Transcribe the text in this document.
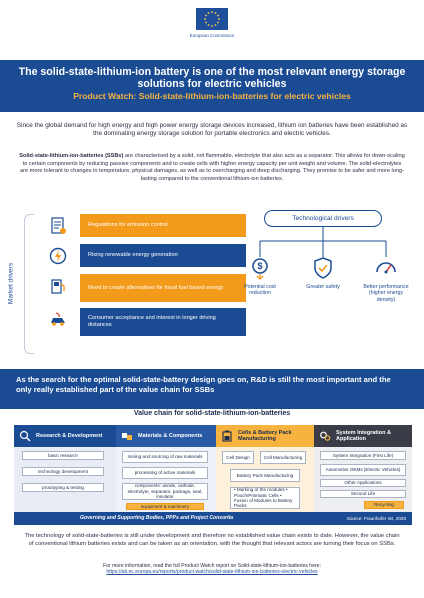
European Commission
The solid-state-lithium-ion battery is one of the most relevant energy storage solutions for electric vehicles
Product Watch: Solid-state-lithium-ion-batteries for electric vehicles
Since the global demand for high energy and high power energy storage devices increased, lithium ion batteries have been established as the dominating energy storage solution for portable electronics and electric vehicles.
Solid-state-lithium-ion-batteries (SSBs) are characterised by a solid, not flammable, electrolyte that also acts as a separator. This allows for down-scaling to certain components by reducing passive components and to create cells with higher energy capacity per unit weight and volume. The solid-electrolytes are more tolerant to changes in temperature, physical damages, as well as to overcharging and deep discharging. They promise to be safer and more long-lasting compared to the conventional lithium-ion batteries.
Market drivers
Regulations for emission control
Rising renewable energy generation
Need to create alternatives for fossil fuel based energy
Consumer acceptance and interest in longer driving distances
Technological drivers
$
Potential cost reduction
Greater safety	Better performance (higher energy density)
As the search for the optimal solid-state-battery design goes on, R&D is still the most important and the only really established part of the value chain for SSBs
Value chain for solid-state-lithium-ion-batteries
Research & Development	Materials & Components
Cells & Battery Pack Manufacturing
System Integration & Application
basic research
technology development
prototyping & testing
mining and sourcing of raw materials
processing of active materials
components: anode, cathode, electrolyte, separator, package, seal, insulator
equipment & machinery
Cell Design	Cell Manufacturing
Battery Pack Manufacturing
• Marking of the modules • Pouch/Prismatic Cells • Fusion of Modules to Battery Packs
System Integration (First Life)
Automotive OEMs (Electric Vehicles)
Other Applications
Second Life
Recycling
Governing and Supporting Bodies, PPPs and Project Consortia	Source: Fraunhofer ISI, 2020
The technology of solid-state-batteries is still under development and therefore no established value chain exists to date. However, the value chain of conventional lithium batteries exists and can be taken as an orientation, with the thought that relevant actors are turning their focus on SSBs.
For more information, read the full Product Watch report on Solid-state-lithium-ion-batteries here:
https://ati.ec.europa.eu/reports/product-watch/solid-state-lithium-ion-batteries-electric-vehicles
